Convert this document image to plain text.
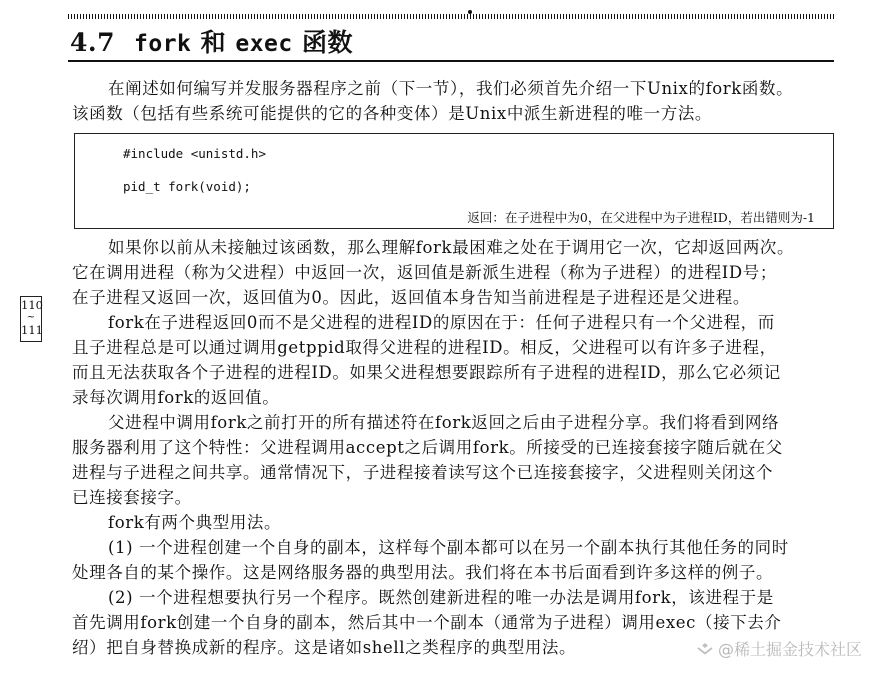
4.7 fork 和 exec 函数
在阐述如何编写并发服务器程序之前（下一节），我们必须首先介绍一下Unix的fork函数。
该函数（包括有些系统可能提供的它的各种变体）是Unix中派生新进程的唯一方法。
#include <unistd.h>
pid_t fork(void);
返回：在子进程中为0，在父进程中为子进程ID，若出错则为-1
110
~
111
如果你以前从未接触过该函数，那么理解fork最困难之处在于调用它一次，它却返回两次。
它在调用进程（称为父进程）中返回一次，返回值是新派生进程（称为子进程）的进程ID号；
在子进程又返回一次，返回值为0。因此，返回值本身告知当前进程是子进程还是父进程。
fork在子进程返回0而不是父进程的进程ID的原因在于：任何子进程只有一个父进程，而
且子进程总是可以通过调用getppid取得父进程的进程ID。相反，父进程可以有许多子进程，
而且无法获取各个子进程的进程ID。如果父进程想要跟踪所有子进程的进程ID，那么它必须记
录每次调用fork的返回值。
父进程中调用fork之前打开的所有描述符在fork返回之后由子进程分享。我们将看到网络
服务器利用了这个特性：父进程调用accept之后调用fork。所接受的已连接套接字随后就在父
进程与子进程之间共享。通常情况下，子进程接着读写这个已连接套接字，父进程则关闭这个
已连接套接字。
fork有两个典型用法。
(1) 一个进程创建一个自身的副本，这样每个副本都可以在另一个副本执行其他任务的同时
处理各自的某个操作。这是网络服务器的典型用法。我们将在本书后面看到许多这样的例子。
(2) 一个进程想要执行另一个程序。既然创建新进程的唯一办法是调用fork，该进程于是
首先调用fork创建一个自身的副本，然后其中一个副本（通常为子进程）调用exec（接下去介
绍）把自身替换成新的程序。这是诸如shell之类程序的典型用法。	@稀土掘金技术社区
